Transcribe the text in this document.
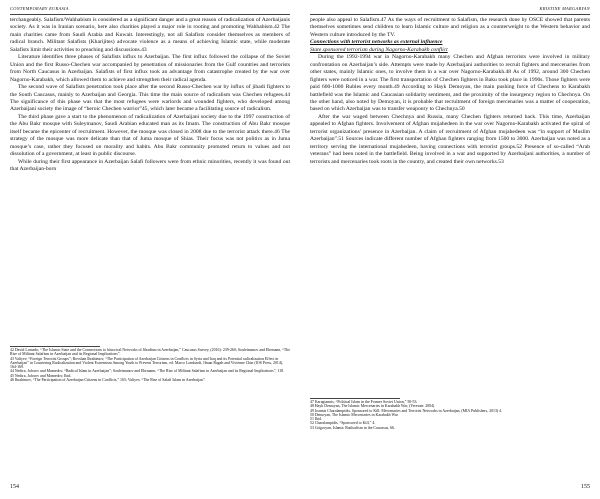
CONTEMPORARY EURASIA

terchangeably. Salafism/Wahhabism is considered as a significant danger and a great reason of radicalization of Azerbaijanis society. As it was in Iranian scenario, here also charities played a major role in rooting and promoting Wahhabism.42 The main charities came from Saudi Arabia and Kuwait. Interestingly, not all Salafists consider themselves as members of radical branch. Militant Salafists (Kharijites) advocate violence as a means of achieving Islamic state, while moderate Salafists limit their activities to preaching and discussions.43

Literature identifies three phases of Salafists influx to Azerbaijan. The first influx followed the collapse of the Soviet Union and the first Russo-Chechen war accompanied by penetration of missionaries from the Gulf countries and terrorists from North Caucasus in Azerbaijan. Salafists of first influx took an advantage from catastrophe created by the war over Nagorno-Karabakh, which allowed them to achieve and strengthen their radical agenda.

The second wave of Salafists penetration took place after the second Russo-Chechen war by influx of jihadi fighters to the South Caucasus, mainly to Azerbaijan and Georgia. This time the main source of radicalism was Chechen refugees.44 The significance of this phase was that the most refugees were warlords and wounded fighters, who developed among Azerbaijani society the image of “heroic Chechen warrior”45, which later became a facilitating source of radicalism.

The third phase gave a start to the phenomenon of radicalization of Azerbaijani society due to the 1997 construction of the Abu Bakr mosque with Suleymanov, Saudi Arabian educated man as its Imam. The construction of Abu Bakr mosque itself became the epicenter of recruitment. However, the mosque was closed in 2008 due to the terrorist attack there.46 The strategy of the mosque was more delicate than that of Juma mosque of Shias. Their focus was not politics as in Juma mosque’s case, rather they focused on morality and habits. Abu Bakr community promoted return to values and not dissolution of a government, at least in public discourse.

While during their first appearance in Azerbaijan Salafi followers were from ethnic minorities, recently it was found out that Azerbaijan-born

42 David Lomedo, “The Islamic State and the Connections to historical Networks of Jihadism in Azerbaijan,” Caucasus Survey, (2016): 239-260; Souleimanov and Ehrmann, “The Rise of Militant Salafism in Azerbaijan and its Regional Implications”.
43 Valiyev, “Foreign Terrorist Groups”; Rovshan Ibrahimov, “The Participation of Azerbaijan Citizens in Conflicts in Syria and Iraq and its Potential radicalization Effect in Azerbaijan” in Countering Radicalization and Violent Extremism Among Youth to Prevent Terrorism, ed. Marco Lombardi, Ilman Ragab and Vivienne Chin (IOS Press, 2014), 164-169.
44 Nedira, Jaforov and Mamedov, “Radical Islam in Azerbaijan”; Souleimanov and Ehrmann, “The Rise of Militant Salafism in Azerbaijan and its Regional Implications”, 118.
45 Nedira, Jaforov and Mamedov, Ibid.
46 Ibrahimov, “The Participation of Azerbaijan Citizens in Conflicts,” 165; Valiyev, “The Rise of Salafi Islam in Azerbaijan”.
154
KRISTINE MARGARYAN

people also appeal to Salafism.47 As the ways of recruitment to Salafism, the research done by OSCE showed that parents themselves sometimes send children to learn Islamic culture and religion as a counterweight to the Western behavior and Western culture introduced by the TV.

Connections with terrorist networks as external influence

State sponsored terrorism during Nagorno-Karabakh conflict

During the 1992-1994 war in Nagorno-Karabakh many Chechen and Afghan terrorists were involved in military confrontation on Azerbaijan’s side. Attempts were made by Azerbaijani authorities to recruit fighters and mercenaries from other states, mainly Islamic ones, to involve them in a war over Nagorno-Karabakh.48 As of 1992, around 300 Chechen fighters were noticed in a war. The first transportation of Chechen fighters in Baku took place in 1990s. Those fighters were paid 600-1000 Rubles every month.49 According to Hayk Demoyan, the main pushing force of Chechens to Karabakh battlefield was the Islamic and Caucasian solidarity sentiment, and the proximity of the insurgency region to Chechnya. On the other hand, also noted by Demoyan, it is probable that recruitment of foreign mercenaries was a matter of cooperation, based on which Azerbaijan was to transfer weaponry to Chechnya.50

After the war waged between Chechnya and Russia, many Chechen fighters returned back. This time, Azerbaijan appealed to Afghan fighters. Involvement of Afghan mujahedeen in the war over Nagorno-Karabakh activated the spiral of terrorist organizations’ presence in Azerbaijan. A claim of recruitment of Afghan mujahedeen was “in support of Muslim Azerbaijan”.51 Sources indicate different number of Afghan fighters ranging from 1500 to 3000. Azerbaijan was noted as a territory serving the international mujahedeen, having connections with terrorist groups.52 Presence of so-called “Arab veterans” had been noted in the battlefield. Being involved in a war and supported by Azerbaijani authorities, a number of terrorists and mercenaries took roots in the country, and created their own networks.53

47 Karagiannis, “Political Islam in the Former Soviet Union,” 50-53.
48 Hayk Demoyan, The Islamic Mercenaries in Karabakh War, (Yerevan: 2004)
49 Ioannis Charalampidis, Sponsored to Kill: Mercenaries and Terrorist Networks in Azerbaijan, (MIA Publishers, 2013) 4.
50 Demoyan, The Islamic Mercenaries in Karabakh War
51 Ibid.
52 Charalampidis, “Sponsored to Kill,” 4.
53 Grigoryan, Islamic Radicalism in the Caucasus, 66.
155
